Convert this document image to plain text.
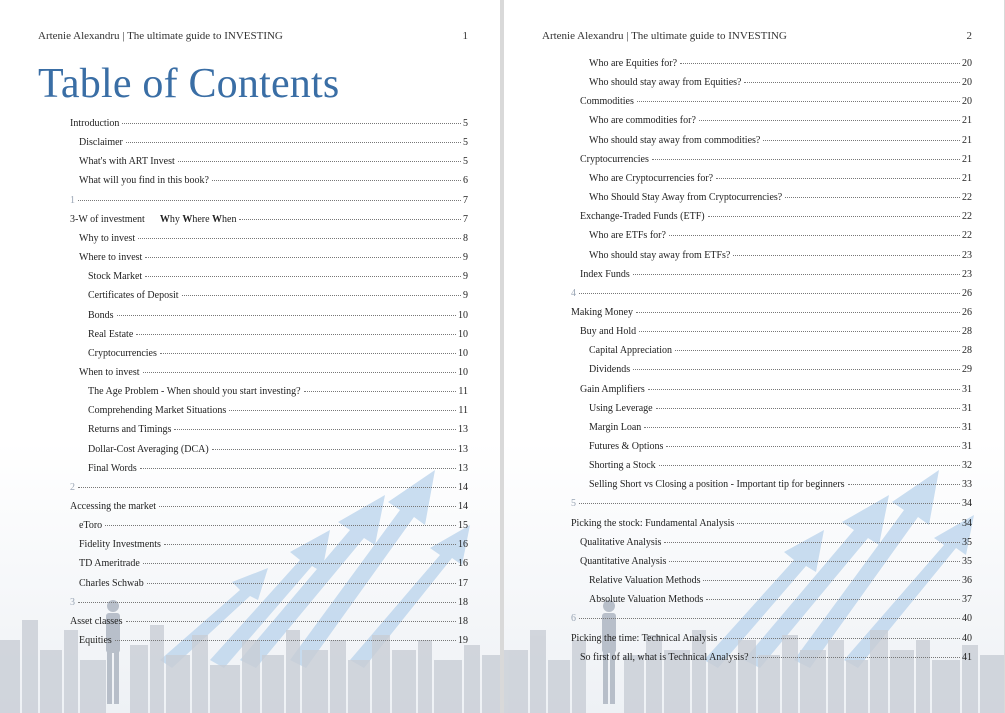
Artenie Alexandru | The ultimate guide to INVESTING	1
Table of Contents
Introduction	5
Disclaimer	5
What's with ART Invest	5
What will you find in this book?	6
1	7
3-W of investment Why Where When	7
Why to invest	8
Where to invest	9
Stock Market	9
Certificates of Deposit	9
Bonds	10
Real Estate	10
Cryptocurrencies	10
When to invest	10
The Age Problem - When should you start investing?	11
Comprehending Market Situations	11
Returns and Timings	13
Dollar-Cost Averaging (DCA)	13
Final Words	13
2	14
Accessing the market	14
eToro	15
Fidelity Investments	16
TD Ameritrade	16
Charles Schwab	17
3	18
Asset classes	18
Equities	19
Artenie Alexandru | The ultimate guide to INVESTING	2
Who are Equities for?	20
Who should stay away from Equities?	20
Commodities	20
Who are commodities for?	21
Who should stay away from commodities?	21
Cryptocurrencies	21
Who are Cryptocurrencies for?	21
Who Should Stay Away from Cryptocurrencies?	22
Exchange-Traded Funds (ETF)	22
Who are ETFs for?	22
Who should stay away from ETFs?	23
Index Funds	23
4	26
Making Money	26
Buy and Hold	28
Capital Appreciation	28
Dividends	29
Gain Amplifiers	31
Using Leverage	31
Margin Loan	31
Futures & Options	31
Shorting a Stock	32
Selling Short vs Closing a position - Important tip for beginners	33
5	34
Picking the stock: Fundamental Analysis	34
Qualitative Analysis	35
Quantitative Analysis	35
Relative Valuation Methods	36
Absolute Valuation Methods	37
6	40
Picking the time: Technical Analysis	40
So first of all, what is Technical Analysis?	41
